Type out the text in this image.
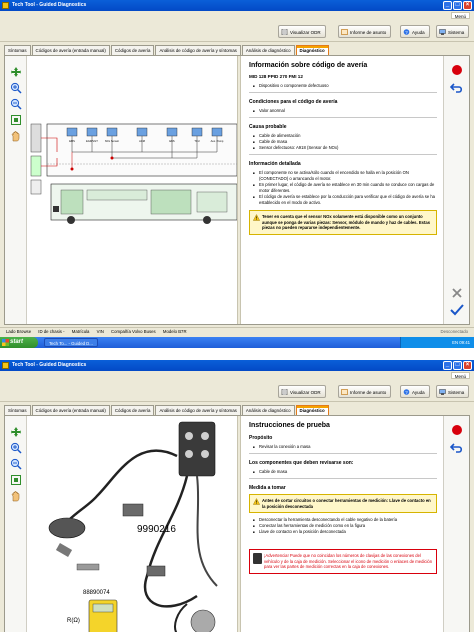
Tech Tool - Guided Diagnostics	_	□	×
Menú
Visualizar ODR	Informe de asunto	? Ayuda	Sistema
Síntomas	Códigos de avería (entrada manual)	Códigos de avería	Análisis de código de avería y síntomas	Análisis de diagnóstico	Diagnóstico
EMS	EGR/VGT	NOx Sensor	ACM	EBS	TCU	Aux. Pump
Información sobre código de avería
MID 128 PPID 270 FMI 12
■ Dispositivo o componente defectuoso
Condiciones para el código de avería
■ Valor anormal
Causa probable
■ Cable de alimentación
■ Cable de masa
■ Sensor defectuoso: A918 (Sensor de NOx)
Información detallada
■ El componente no se activa/sólo cuando el encendido se halla en la posición ON (CONECTADO) o arrancando el motor.
■ En primer lugar, el código de avería se establece en 30 min cuando se conduce con cargas de motor diferentes.
■ El código de avería se establece por la conducción para verificar que el código de avería se ha establecido en el modo de activo.
Tener en cuenta que el sensor NOx solamente está disponible como un conjunto aunque se ponga de varias piezas: Sensor, módulo de mando y haz de cables. Estas piezas no pueden repararse independientemente.
Lado Browse ID de chasis - Matrícula VIN Compañía Volvo Buses Modelo B7R	Desconectado
start	Tech To... - Guided D...	EN 09:41
Tech Tool - Guided Diagnostics	_	□	×
Menú
Visualizar ODR	Informe de asunto	? Ayuda	Sistema
Síntomas	Códigos de avería (entrada manual)	Códigos de avería	Análisis de código de avería y síntomas	Análisis de diagnóstico	Diagnóstico
9990216
88890074
R(Ω)
Instrucciones de prueba
Propósito
■ Revisar la conexión a masa
Los componentes que deben revisarse son:
■ Cable de masa
Medida a tomar
Antes de cortar circuitos o conectar herramientas de medición: Llave de contacto en la posición desconectada
■ Desconectar la herramienta desconectando el cable negativo de la batería
■ Conectar las herramientas de medición como en la figura
■ Llave de contacto en la posición desconectada
¡Advertencia! Puede que no coincidan los números de clavijas de las conexiones del vehículo y de la caja de medición. Seleccionar el icono de medición o enlaces de medición para ver las partes de medición correctas en la caja de conexiones.
